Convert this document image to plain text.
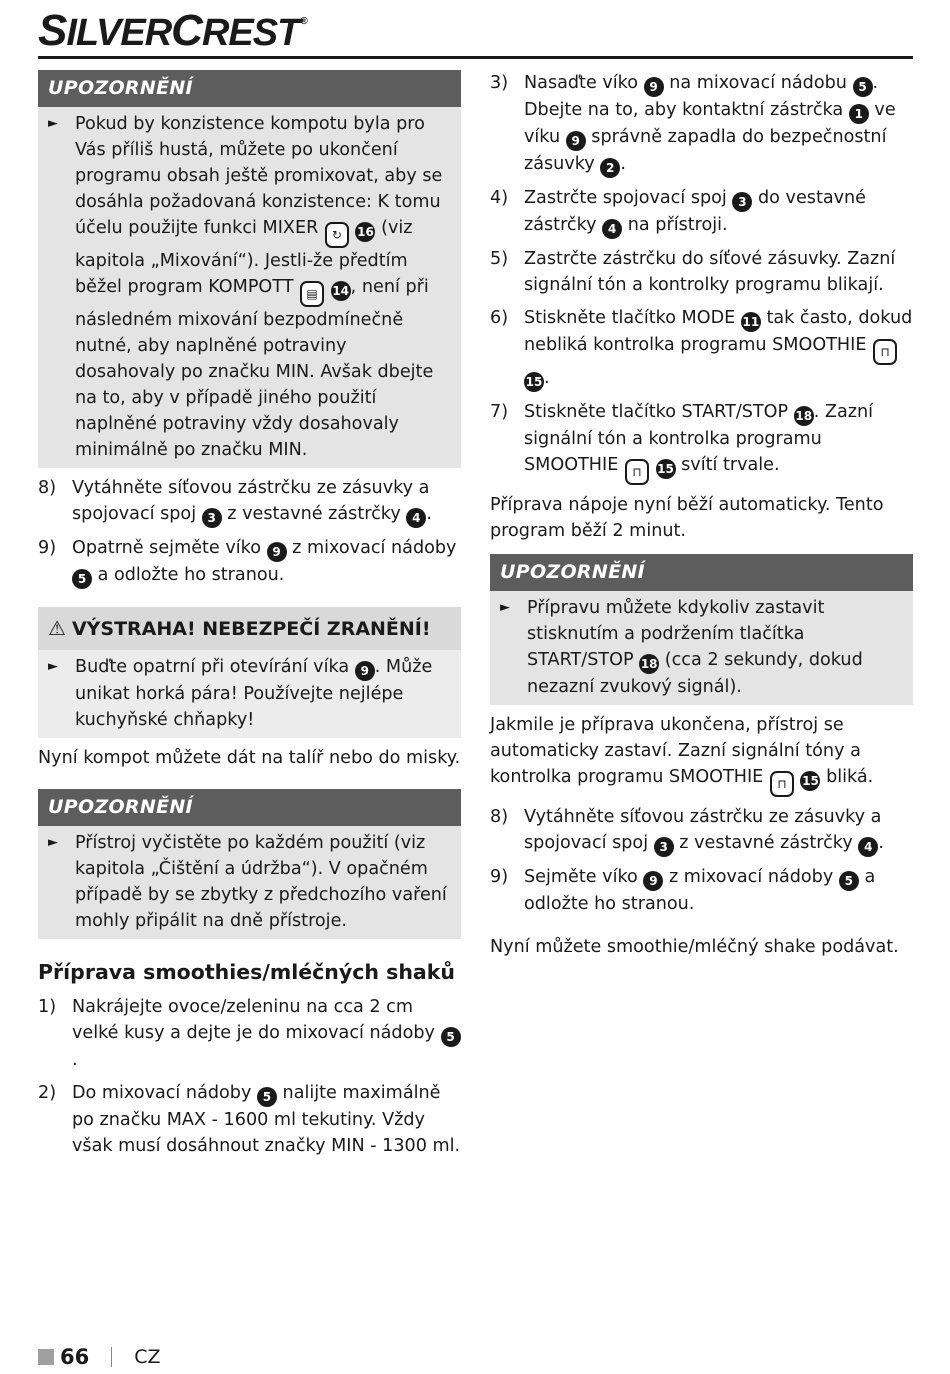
SILVERCREST®
UPOZORNĚNÍ
► Pokud by konzistence kompotu byla pro Vás příliš hustá, můžete po ukončení programu obsah ještě promixovat, aby se dosáhla požadovaná konzistence: K tomu účelu použijte funkci MIXER ↻ 16 (viz kapitola „Mixování“). Jestli-že předtím běžel program KOMPOTT ▤ 14, není při následném mixování bezpodmínečně nutné, aby naplněné potraviny dosahovaly po značku MIN. Avšak dbejte na to, aby v případě jiného použití naplněné potraviny vždy dosahovaly minimálně po značku MIN.
8) Vytáhněte síťovou zástrčku ze zásuvky a spojovací spoj 3 z vestavné zástrčky 4 .
9) Opatrně sejměte víko 9 z mixovací nádoby 5 a odložte ho stranou.
⚠ VÝSTRAHA! NEBEZPEČÍ ZRANĚNÍ!
► Buďte opatrní při otevírání víka 9 . Může unikat horká pára! Používejte nejlépe kuchyňské chňapky!

Nyní kompot můžete dát na talíř nebo do misky.

UPOZORNĚNÍ
► Přístroj vyčistěte po každém použití (viz kapitola „Čištění a údržba“). V opačném případě by se zbytky z předchozího vaření mohly připálit na dně přístroje.
Příprava smoothies/mléčných shaků
1) Nakrájejte ovoce/zeleninu na cca 2 cm velké kusy a dejte je do mixovací nádoby 5.
2) Do mixovací nádoby 5 nalijte maximálně po značku MAX - 1600 ml tekutiny. Vždy však musí dosáhnout značky MIN - 1300 ml.
3) Nasaďte víko 9 na mixovací nádobu 5 . Dbejte na to, aby kontaktní zástrčka 1 ve víku 9 správně zapadla do bezpečnostní zásuvky 2 .
4) Zastrčte spojovací spoj 3 do vestavné zástrčky 4 na přístroji.
5) Zastrčte zástrčku do síťové zásuvky. Zazní signální tón a kontrolky programu blikají.
6) Stiskněte tlačítko MODE 11 tak často, dokud nebliká kontrolka programu SMOOTHIE ⊓ 15.
7) Stiskněte tlačítko START/STOP 18. Zazní signální tón a kontrolka programu SMOOTHIE ⊓ 15 svítí trvale.

Příprava nápoje nyní běží automaticky. Tento program běží 2 minut.

UPOZORNĚNÍ
► Přípravu můžete kdykoliv zastavit stisknutím a podržením tlačítka START/STOP 18 (cca 2 sekundy, dokud nezazní zvukový signál).

Jakmile je příprava ukončena, přístroj se automaticky zastaví. Zazní signální tóny a kontrolka programu SMOOTHIE ⊓ 15 bliká.

8) Vytáhněte síťovou zástrčku ze zásuvky a spojovací spoj 3 z vestavné zástrčky 4 .
9) Sejměte víko 9 z mixovací nádoby 5 a odložte ho stranou.

Nyní můžete smoothie/mléčný shake podávat.

66 CZ
